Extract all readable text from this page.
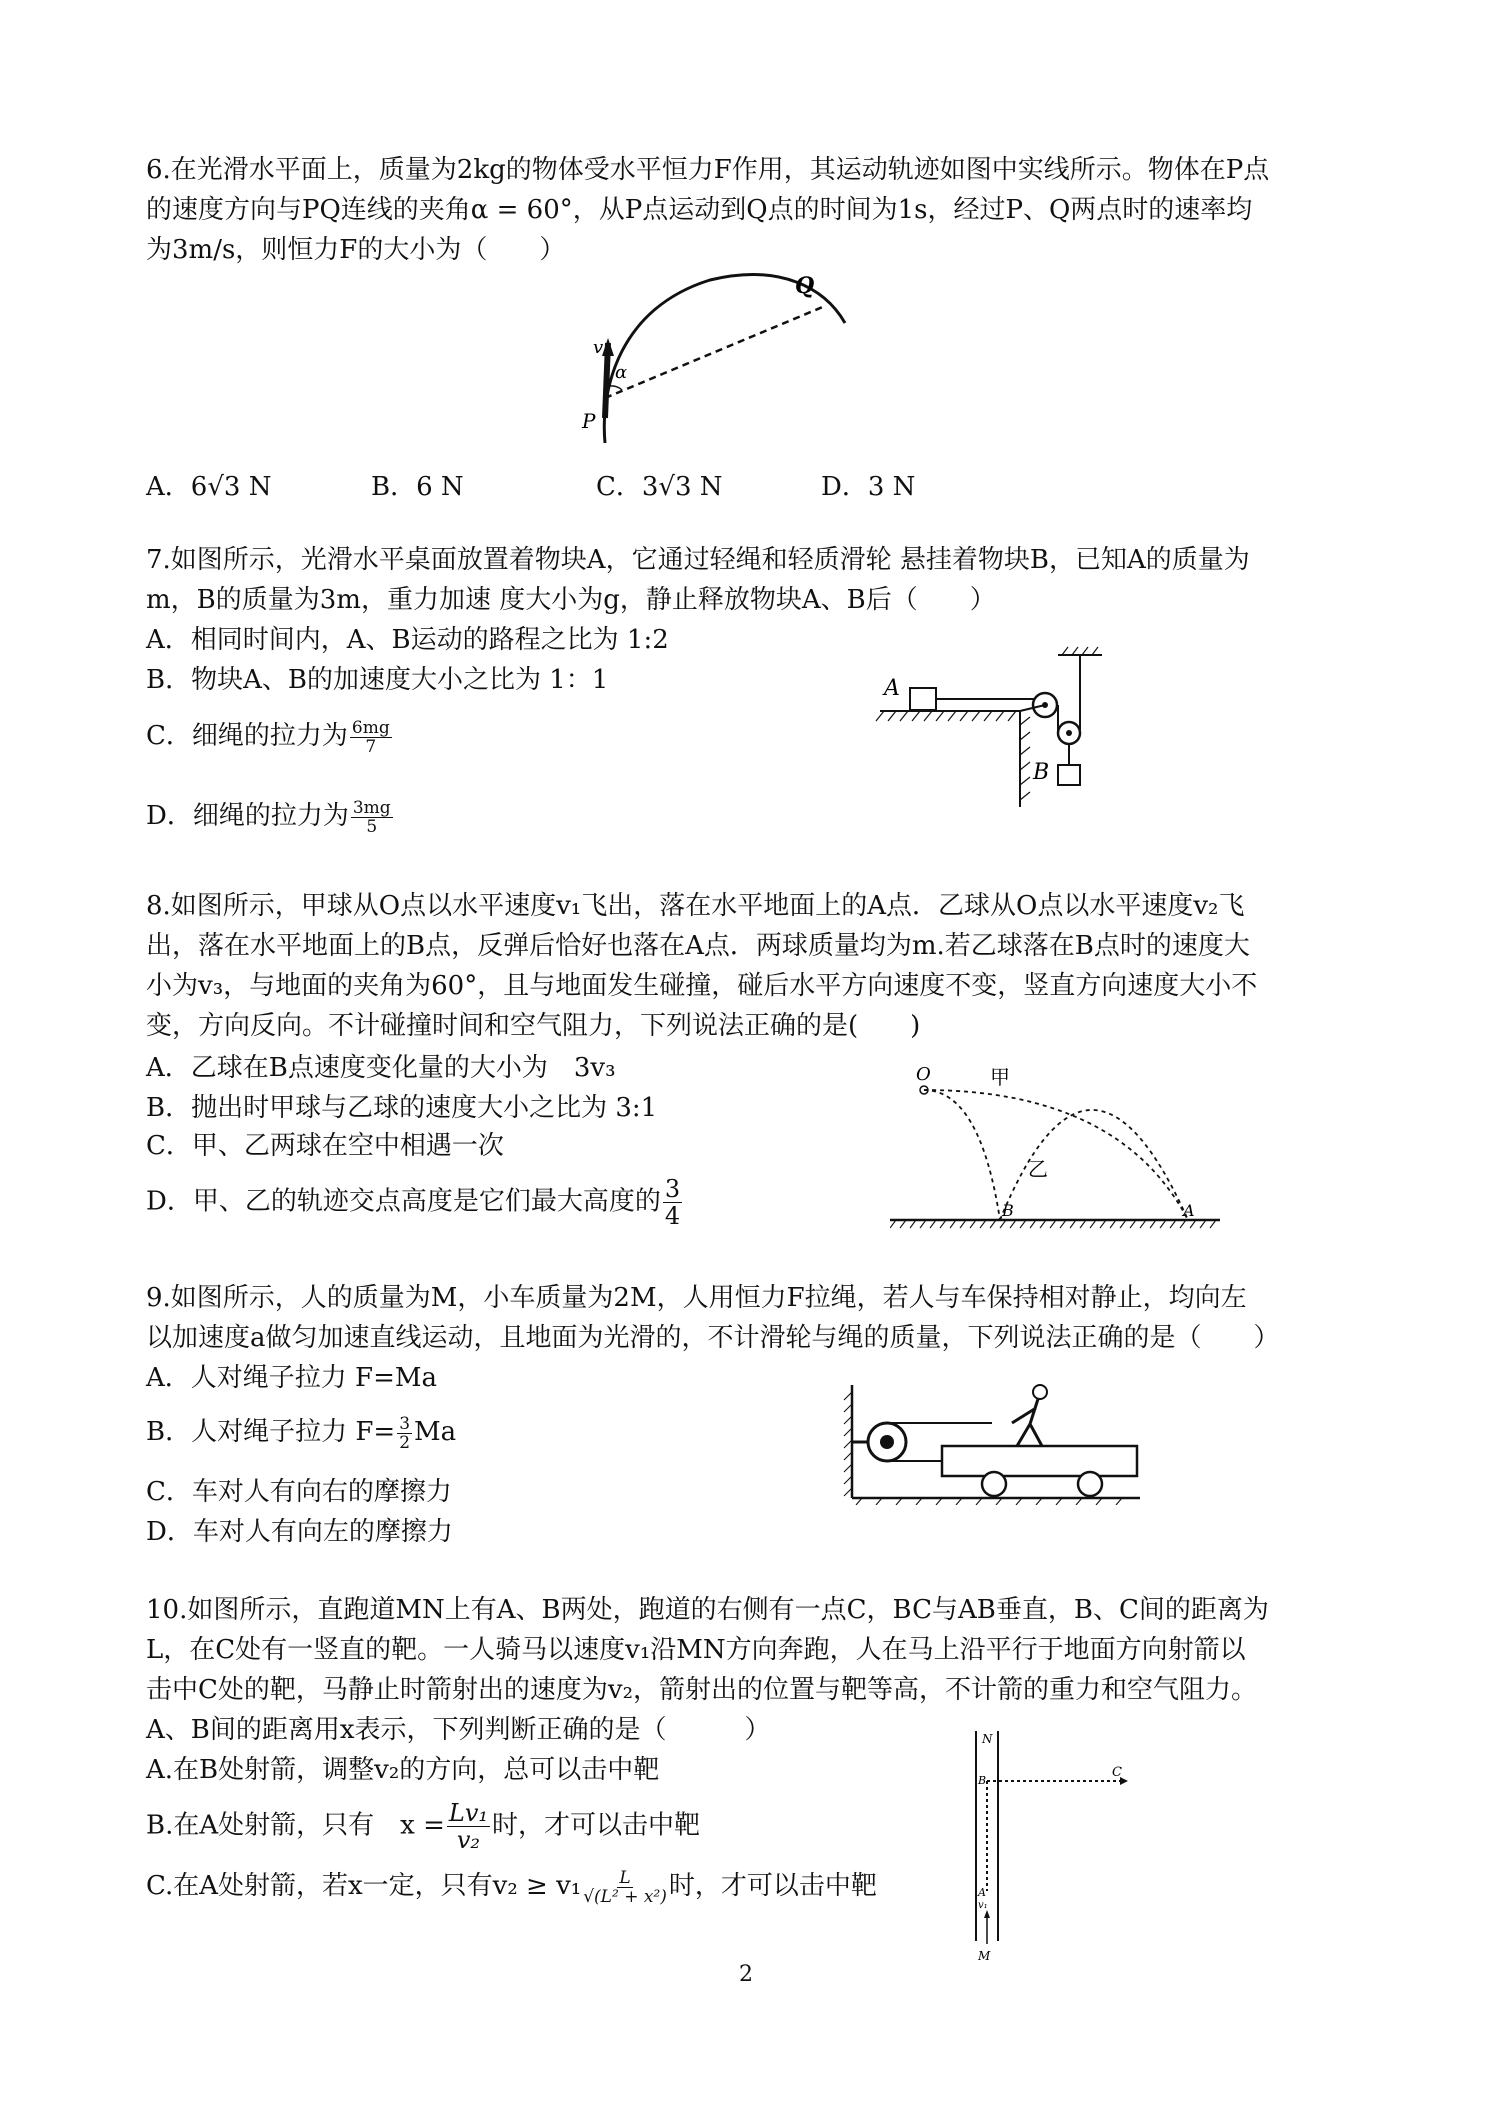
6.在光滑水平面上，质量为2kg的物体受水平恒力F作用，其运动轨迹如图中实线所示。物体在P点的速度方向与PQ连线的夹角α = 60°，从P点运动到Q点的时间为1s，经过P、Q两点时的速率均为3m/s，则恒力F的大小为（　　）

α
v
P
Q
A．6√3 N	B．6 N	C．3√3 N	D．3 N

7.如图所示，光滑水平桌面放置着物块A，它通过轻绳和轻质滑轮 悬挂着物块B，已知A的质量为m，B的质量为3m，重力加速 度大小为g，静止释放物块A、B后（　　）

A．相同时间内，A、B运动的路程之比为 1:2
B．物块A、B的加速度大小之比为 1：1
C．细绳的拉力为 $\frac{6mg}{7}$
D．细绳的拉力为 $\frac{3mg}{5}$
A
B

8.如图所示，甲球从O点以水平速度v₁飞出，落在水平地面上的A点．乙球从O点以水平速度v₂飞出，落在水平地面上的B点，反弹后恰好也落在A点．两球质量均为m.若乙球落在B点时的速度大小为v₃，与地面的夹角为60°，且与地面发生碰撞，碰后水平方向速度不变，竖直方向速度大小不变，方向反向。不计碰撞时间和空气阻力，下列说法正确的是(　　)

A．乙球在B点速度变化量的大小为　3v₃
B．抛出时甲球与乙球的速度大小之比为 3:1
C．甲、乙两球在空中相遇一次
D．甲、乙的轨迹交点高度是它们最大高度的 $\frac{3}{4}$
O	甲
乙
B	A

9.如图所示，人的质量为M，小车质量为2M，人用恒力F拉绳，若人与车保持相对静止，均向左以加速度a做匀加速直线运动，且地面为光滑的，不计滑轮与绳的质量，下列说法正确的是（　　）

A．人对绳子拉力 F=Ma
B．人对绳子拉力 $F= \frac{3}{2}$ Ma
C．车对人有向右的摩擦力
D．车对人有向左的摩擦力

10.如图所示，直跑道MN上有A、B两处，跑道的右侧有一点C，BC与AB垂直，B、C间的距离为L，在C处有一竖直的靶。一人骑马以速度v₁沿MN方向奔跑，人在马上沿平行于地面方向射箭以击中C处的靶，马静止时箭射出的速度为v₂，箭射出的位置与靶等高，不计箭的重力和空气阻力。A、B间的距离用x表示，下列判断正确的是（　　　）

A.在B处射箭，调整v₂的方向，总可以击中靶
B.在A处射箭，只有　$x = \frac{\text{Lv₁}}{\text{v₂}}$ 时，才可以击中靶
C.在A处射箭，若x一定，只有$v_2 \ge v_1 \frac{L}{\text{√(L² + x²)}}$ 时，才可以击中靶
N
B
C
A
v₁
M
2
